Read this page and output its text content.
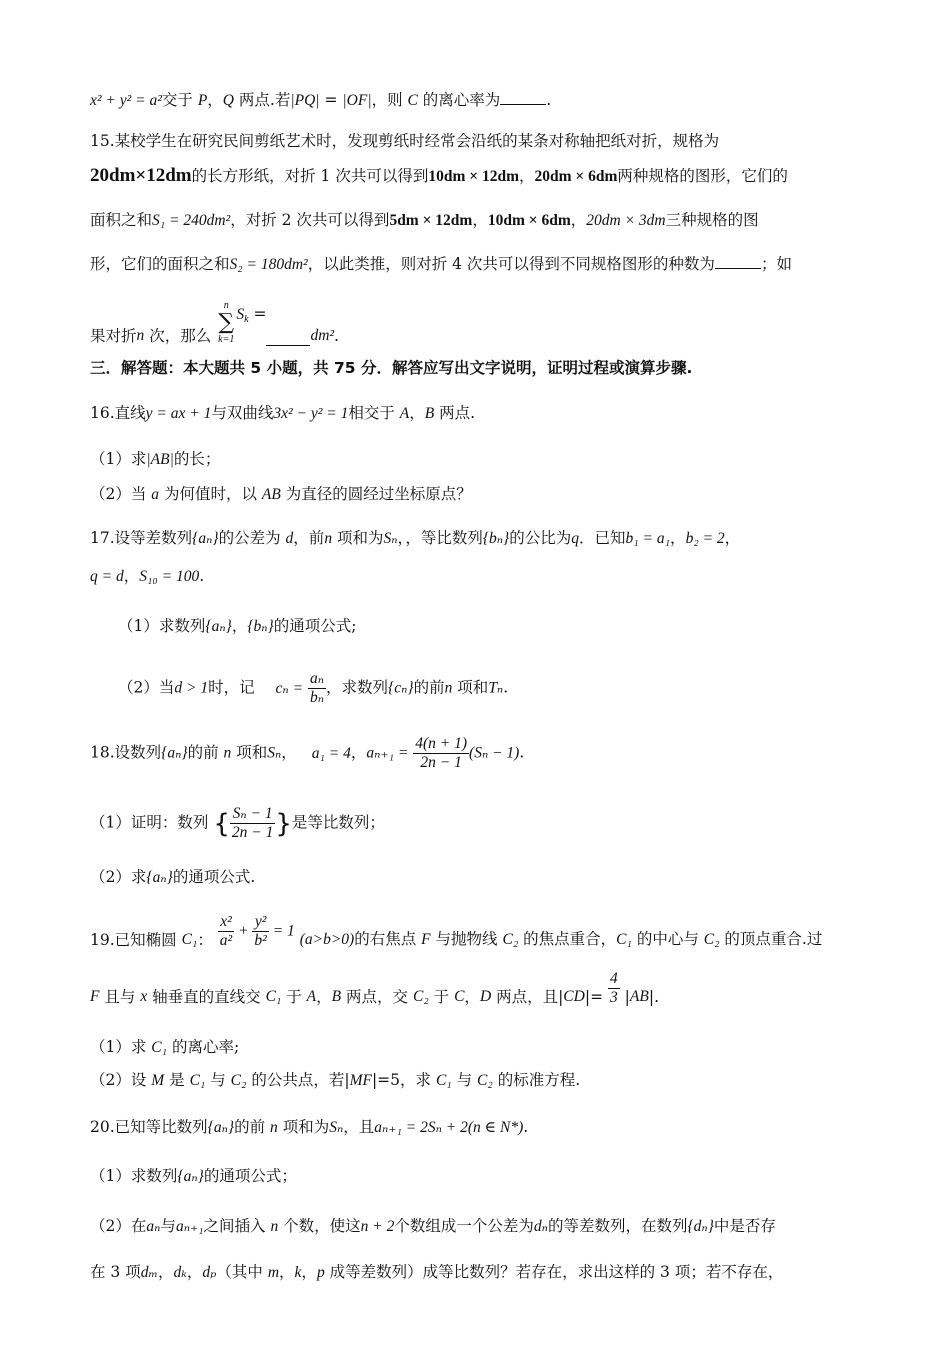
x² + y² = a²交于 P，Q 两点.若|PQ| = |OF|，则 C 的离心率为	.
15.某校学生在研究民间剪纸艺术时，发现剪纸时经常会沿纸的某条对称轴把纸对折，规格为
20dm×12dm的长方形纸，对折 1 次共可以得到10dm × 12dm，20dm × 6dm两种规格的图形，它们的
面积之和S₁ = 240dm²，对折 2 次共可以得到5dm × 12dm，10dm × 6dm，20dm × 3dm三种规格的图
形，它们的面积之和S₂ = 180dm²，以此类推，则对折 4 次共可以得到不同规格图形的种数为	；如
果对折n 次，那么
n
∑
k=1
$S_k =dm^2$.
三．解答题：本大题共 5 小题，共 75 分．解答应写出文字说明，证明过程或演算步骤.
16.直线y = ax + 1与双曲线3x² − y² = 1相交于 A，B 两点.
（1）求|AB|的长；
（2）当 a 为何值时，以 AB 为直径的圆经过坐标原点？
17.设等差数列{aₙ}的公差为 d，前n 项和为Sₙ，，等比数列{bₙ}的公比为q．已知b₁ = a₁，b₂ = 2，
q = d，S₁₀ = 100.
（1）求数列{aₙ}，{bₙ}的通项公式;
（2）当d > 1时，记 $c_n = \frac{\text{aₙ}}{\text{bₙ}}$ ，求数列{cₙ}的前n 项和Tₙ.
18.设数列{aₙ}的前 n 项和Sₙ， a₁ = 4，$a_{n+1} = \frac{4(n + 1)}{2n - 1} (S_n - 1)$.
（1）证明：数列 { $\frac{\text{Sₙ − 1}}{2n - 1}$ }是等比数列；
（2）求{aₙ}的通项公式.
19.已知椭圆 C₁： $\frac{\text{x²}}{\text{a²}} + \frac{\text{y²}}{\text{b²}} = 1$ (a>b>0)的右焦点 F 与抛物线 C₂ 的焦点重合，C₁ 的中心与 C₂ 的顶点重合.过
F 且与 x 轴垂直的直线交 C₁ 于 A，B 两点，交 C₂ 于 C，D 两点，且$|CD|= \frac{4}{3} |AB|$.
（1）求 C₁ 的离心率;
（2）设 M 是 C₁ 与 C₂ 的公共点，若|MF|=5，求 C₁ 与 C₂ 的标准方程.
20.已知等比数列{aₙ}的前 n 项和为Sₙ，且aₙ₊₁ = 2Sₙ + 2(n ∈ N*).
（1）求数列{aₙ}的通项公式；
（2）在aₙ与aₙ₊₁之间插入 n 个数，使这n + 2个数组成一个公差为dₙ的等差数列，在数列{dₙ}中是否存
在 3 项dₘ，dₖ，dₚ（其中 m，k，p 成等差数列）成等比数列？若存在，求出这样的 3 项；若不存在，
